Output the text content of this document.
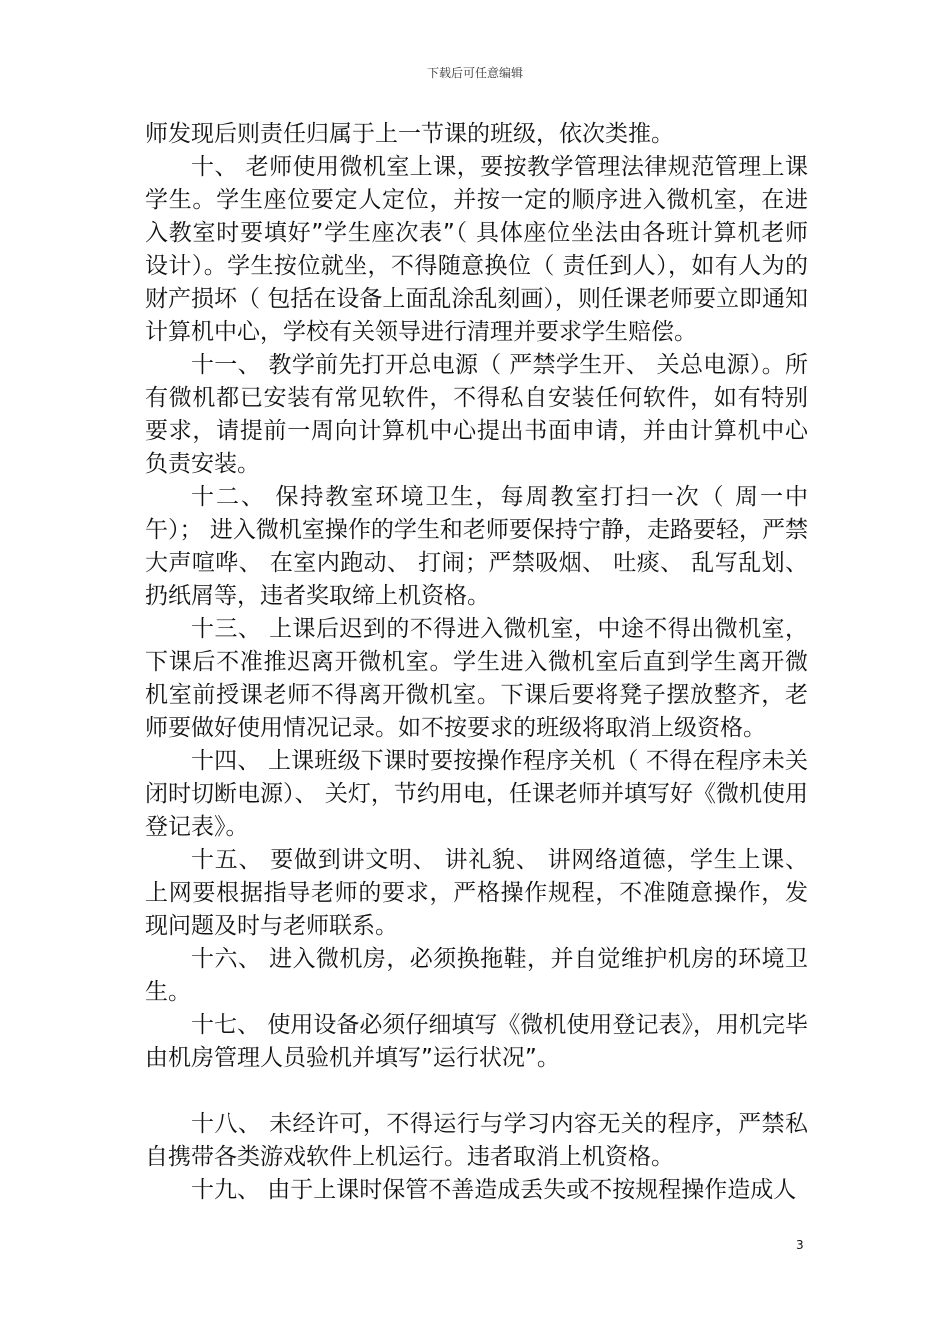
下载后可任意编辑

师发现后则责任归属于上一节课的班级，依次类推。

十、 老师使用微机室上课，要按教学管理法律规范管理上课学生。学生座位要定人定位，并按一定的顺序进入微机室，在进入教室时要填好”学生座次表”（ 具体座位坐法由各班计算机老师设计）。学生按位就坐，不得随意换位（ 责任到人），如有人为的财产损坏（ 包括在设备上面乱涂乱刻画），则任课老师要立即通知计算机中心，学校有关领导进行清理并要求学生赔偿。

十一、 教学前先打开总电源（ 严禁学生开、 关总电源）。所有微机都已安装有常见软件，不得私自安装任何软件，如有特别要求，请提前一周向计算机中心提出书面申请，并由计算机中心负责安装。

十二、 保持教室环境卫生，每周教室打扫一次（ 周一中午）； 进入微机室操作的学生和老师要保持宁静，走路要轻，严禁大声喧哗、 在室内跑动、 打闹；严禁吸烟、 吐痰、 乱写乱划、 扔纸屑等，违者奖取缔上机资格。

十三、 上课后迟到的不得进入微机室，中途不得出微机室，下课后不准推迟离开微机室。学生进入微机室后直到学生离开微机室前授课老师不得离开微机室。下课后要将凳子摆放整齐，老师要做好使用情况记录。如不按要求的班级将取消上级资格。

十四、 上课班级下课时要按操作程序关机（ 不得在程序未关闭时切断电源）、 关灯，节约用电，任课老师并填写好《微机使用登记表》。

十五、 要做到讲文明、 讲礼貌、 讲网络道德，学生上课、上网要根据指导老师的要求，严格操作规程，不准随意操作，发现问题及时与老师联系。

十六、 进入微机房，必须换拖鞋，并自觉维护机房的环境卫生。

十七、 使用设备必须仔细填写《微机使用登记表》，用机完毕由机房管理人员验机并填写”运行状况”。

十八、 未经许可，不得运行与学习内容无关的程序，严禁私自携带各类游戏软件上机运行。违者取消上机资格。

十九、 由于上课时保管不善造成丢失或不按规程操作造成人

3
